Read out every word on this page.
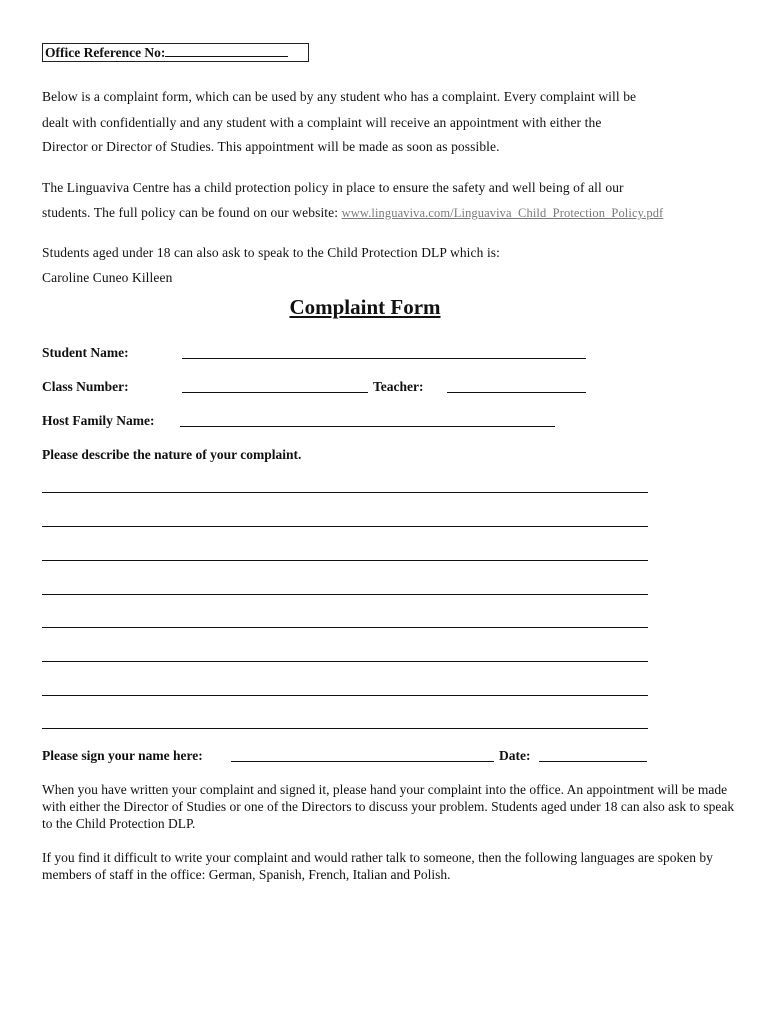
Office Reference No:
Below is a complaint form, which can be used by any student who has a complaint. Every complaint will be
dealt with confidentially and any student with a complaint will receive an appointment with either the
Director or Director of Studies. This appointment will be made as soon as possible.
The Linguaviva Centre has a child protection policy in place to ensure the safety and well being of all our
students. The full policy can be found on our website: www.linguaviva.com/Linguaviva_Child_Protection_Policy.pdf
Students aged under 18 can also ask to speak to the Child Protection DLP which is:
Caroline Cuneo Killeen
Complaint Form
Student Name:
Class Number:	Teacher:
Host Family Name:
Please describe the nature of your complaint.
Please sign your name here:	Date:
When you have written your complaint and signed it, please hand your complaint into the office. An appointment will be made with either the Director of Studies or one of the Directors to discuss your problem. Students aged under 18 can also ask to speak to the Child Protection DLP.
If you find it difficult to write your complaint and would rather talk to someone, then the following languages are spoken by members of staff in the office: German, Spanish, French, Italian and Polish.
